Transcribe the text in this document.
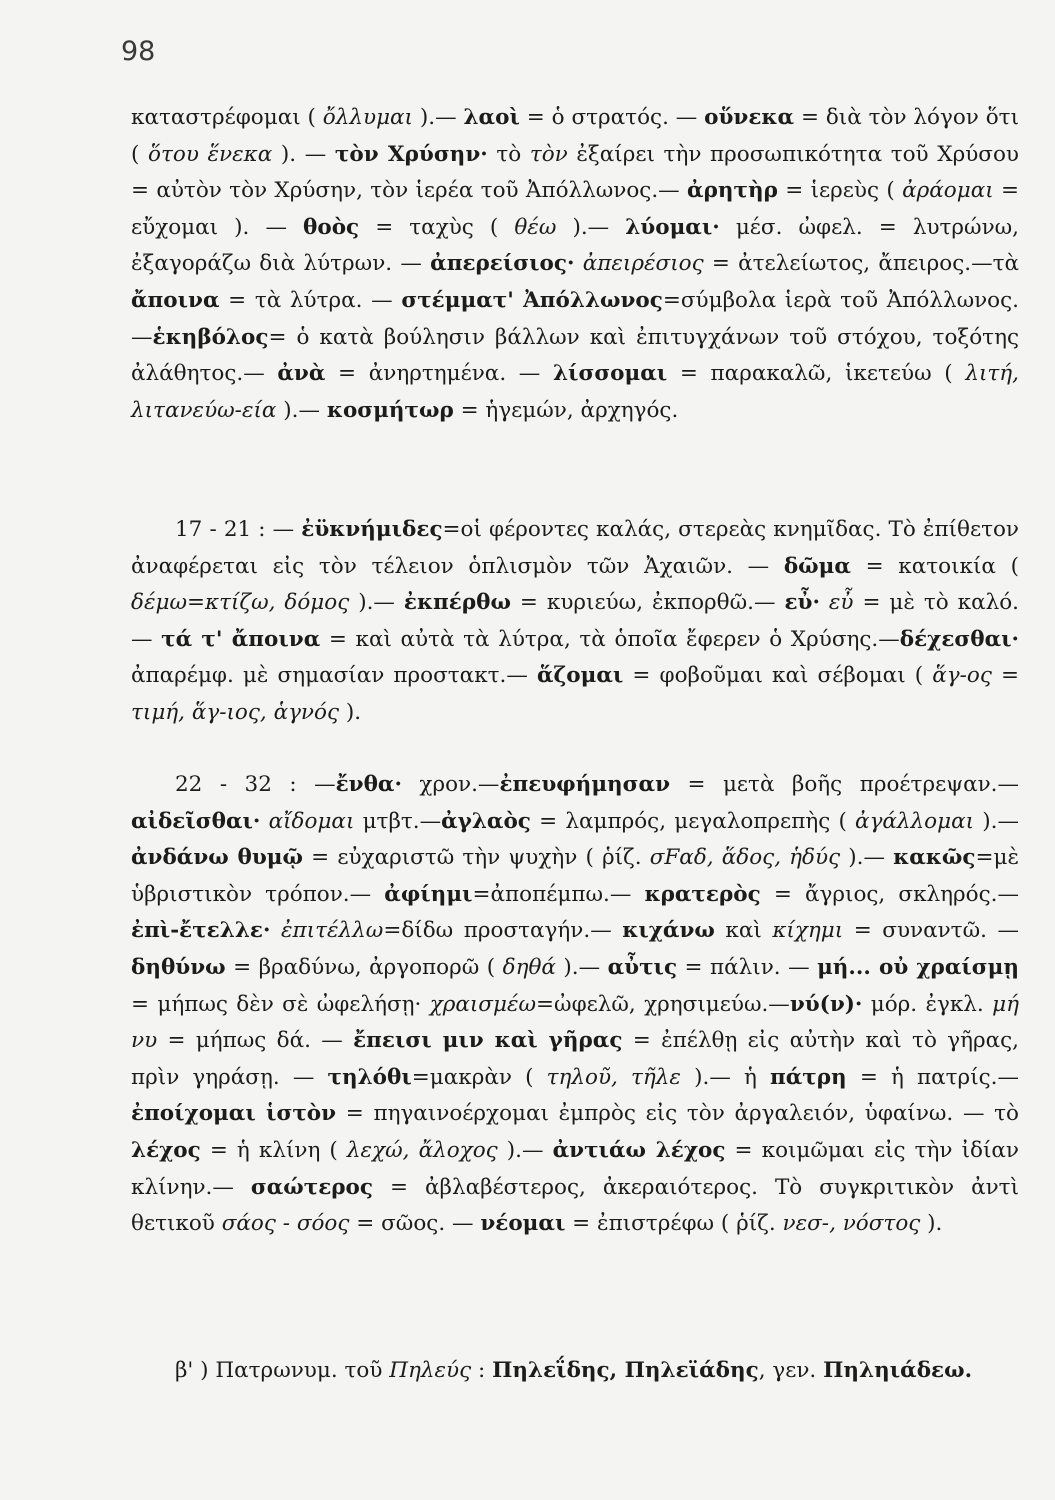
98

καταστρέφομαι ( ὄλλυμαι ).— λαοὶ = ὁ στρατός. — οὕνεκα = διὰ τὸν λόγον ὅτι ( ὅτου ἕνεκα ). — τὸν Χρύσην· τὸ τὸν ἐξαίρει τὴν προσωπικότητα τοῦ Χρύσου = αὐτὸν τὸν Χρύσην, τὸν ἱερέα τοῦ Ἀπόλλωνος.— ἀρητὴρ = ἱερεὺς ( ἀράομαι = εὔχομαι ). — θοὸς = ταχὺς ( θέω ).— λύομαι· μέσ. ὠφελ. = λυτρώνω, ἐξαγοράζω διὰ λύτρων. — ἀπερείσιος· ἀπειρέσιος = ἀτελείωτος, ἄπειρος.—τὰ ἄποινα = τὰ λύτρα. — στέμματ' Ἀπόλλωνος=σύμβολα ἱερὰ τοῦ Ἀπόλλωνος.—ἑκηβόλος= ὁ κατὰ βούλησιν βάλλων καὶ ἐπιτυγχάνων τοῦ στόχου, τοξότης ἀλάθητος.— ἀνὰ = ἀνηρτημένα. — λίσσομαι = παρακαλῶ, ἱκετεύω ( λιτή, λιτανεύω-εία ).— κοσμήτωρ = ἡγεμών, ἀρχηγός.

17 - 21 : — ἐϋκνήμιδες=οἱ φέροντες καλάς, στερεὰς κνημῖδας. Τὸ ἐπίθετον ἀναφέρεται εἰς τὸν τέλειον ὁπλισμὸν τῶν Ἀχαιῶν. — δῶμα = κατοικία ( δέμω=κτίζω, δόμος ).— ἐκπέρθω = κυριεύω, ἐκπορθῶ.— εὖ· εὖ = μὲ τὸ καλό. — τά τ' ἄποινα = καὶ αὐτὰ τὰ λύτρα, τὰ ὁποῖα ἔφερεν ὁ Χρύσης.—δέχεσθαι· ἀπαρέμφ. μὲ σημασίαν προστακτ.— ἅζομαι = φοβοῦμαι καὶ σέβομαι ( ἅγ-ος = τιμή, ἅγ-ιος, ἁγνός ).

22 - 32 : —ἔνθα· χρον.—ἐπευφήμησαν = μετὰ βοῆς προέτρεψαν.— αἰδεῖσθαι· αἴδομαι μτβτ.—ἀγλαὸς = λαμπρός, μεγαλοπρεπὴς ( ἀγάλλομαι ).— ἀνδάνω θυμῷ = εὐχαριστῶ τὴν ψυχὴν ( ῥίζ. σFαδ, ἅδος, ἡδύς ).— κακῶς=μὲ ὑβριστικὸν τρόπον.— ἀφίημι=ἀποπέμπω.— κρατερὸς = ἄγριος, σκληρός.—ἐπὶ-ἔτελλε· ἐπιτέλλω=δίδω προσταγήν.— κιχάνω καὶ κίχημι = συναντῶ. — δηθύνω = βραδύνω, ἀργοπορῶ ( δηθά ).— αὖτις = πάλιν. — μή... οὐ χραίσμῃ = μήπως δὲν σὲ ὠφελήσῃ· χραισμέω=ὠφελῶ, χρησιμεύω.—νύ(ν)· μόρ. ἐγκλ. μή νυ = μήπως δά. — ἔπεισι μιν καὶ γῆρας = ἐπέλθῃ εἰς αὐτὴν καὶ τὸ γῆρας, πρὶν γηράσῃ. — τηλόθι=μακρὰν ( τηλοῦ, τῆλε ).— ἡ πάτρη = ἡ πατρίς.— ἐποίχομαι ἱστὸν = πηγαινοέρχομαι ἐμπρὸς εἰς τὸν ἀργαλειόν, ὑφαίνω. — τὸ λέχος = ἡ κλίνη ( λεχώ, ἄλοχος ).— ἀντιάω λέχος = κοιμῶμαι εἰς τὴν ἰδίαν κλίνην.— σαώτερος = ἀβλαβέστερος, ἀκεραιότερος. Τὸ συγκριτικὸν ἀντὶ θετικοῦ σάος - σόος = σῶος. — νέομαι = ἐπιστρέφω ( ῥίζ. νεσ-, νόστος ).

β' ) Πατρωνυμ. τοῦ Πηλεύς : Πηλεΐδης, Πηλεϊάδης, γεν. Πηληιάδεω.
